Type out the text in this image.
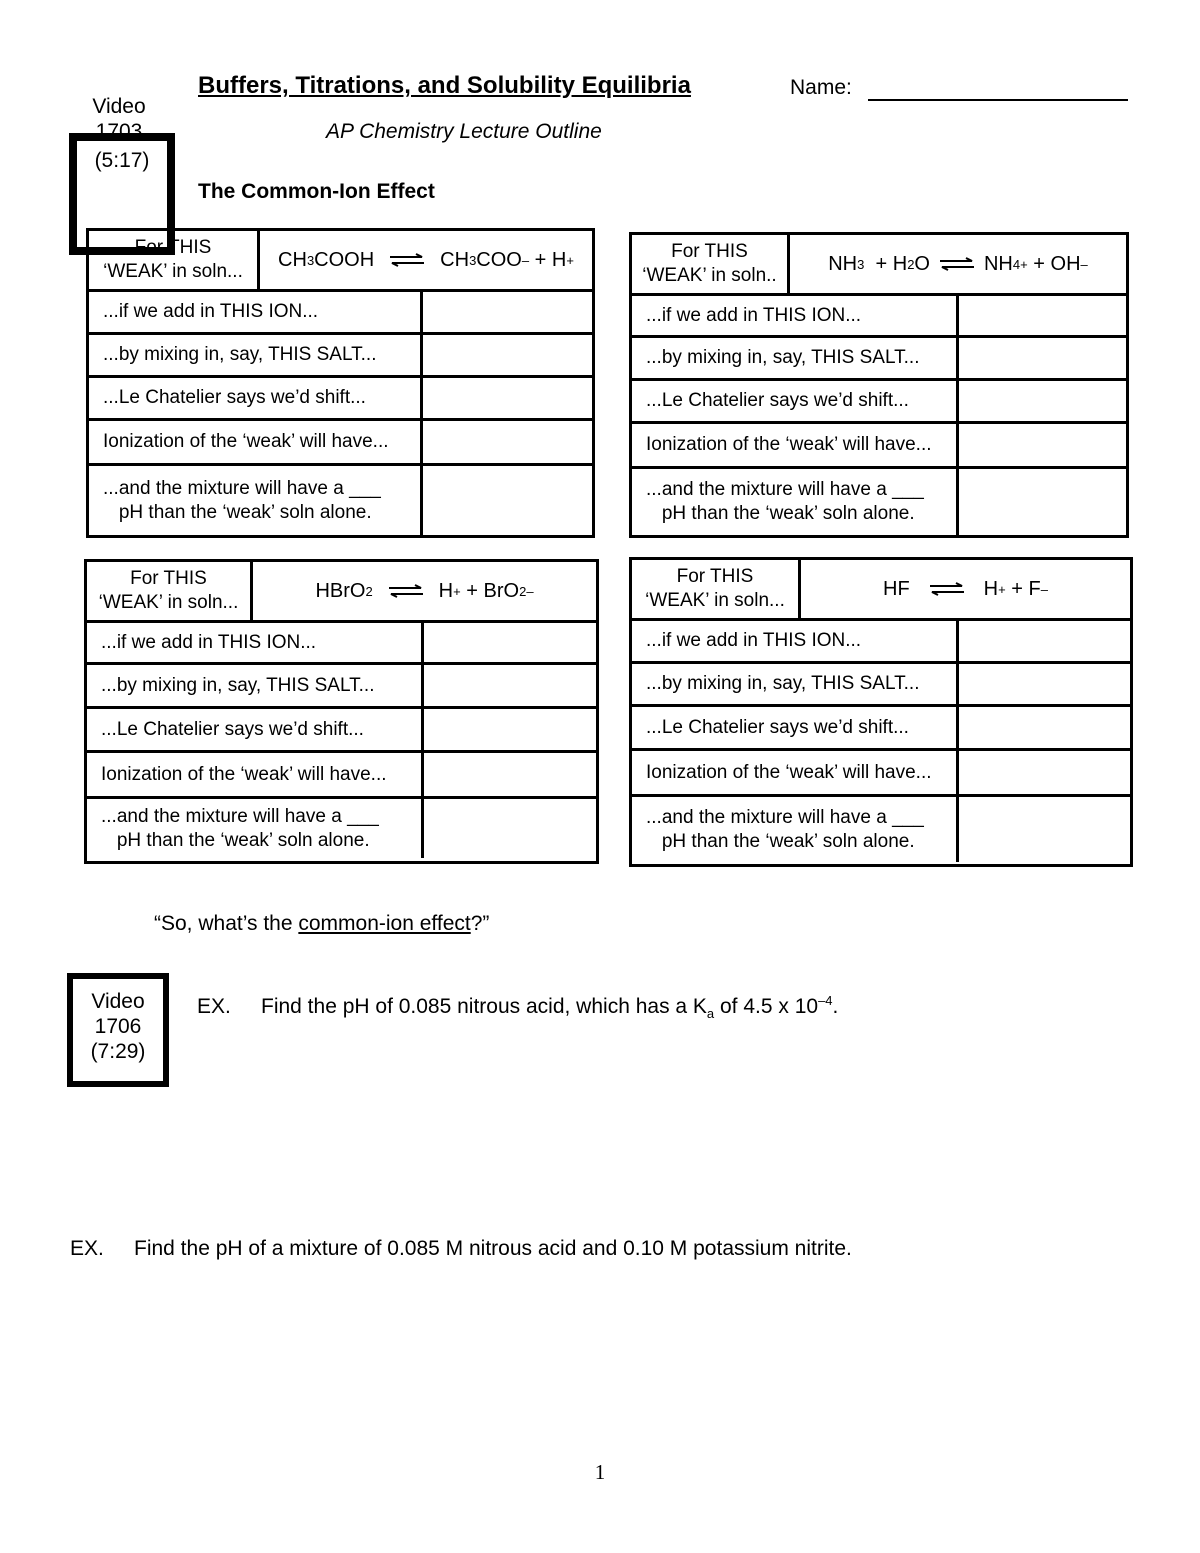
Buffers, Titrations, and Solubility Equilibria	Name:
AP Chemistry Lecture Outline
The Common-Ion Effect
Video
1703
For THIS
‘WEAK’ in soln...
CH 3 COOH ⇌ CH 3 COO –
+
H +
...if we add in THIS ION...
...by mixing in, say, THIS SALT...
...Le Chatelier says we’d shift...
Ionization of the ‘weak’ will have...
...and the mixture will have a ___
pH than the ‘weak’ soln alone.
(5:17)
For THIS
‘WEAK’ in soln..
NH 3
+
H 2 O ⇌ NH 4 +
+
OH –
...if we add in THIS ION...
...by mixing in, say, THIS SALT...
...Le Chatelier says we’d shift...
Ionization of the ‘weak’ will have...
...and the mixture will have a ___
pH than the ‘weak’ soln alone.
For THIS
‘WEAK’ in soln...
HBrO 2 ⇌ H +
+
BrO 2 –
...if we add in THIS ION...
...by mixing in, say, THIS SALT...
...Le Chatelier says we’d shift...
Ionization of the ‘weak’ will have...
...and the mixture will have a ___
pH than the ‘weak’ soln alone.
For THIS
‘WEAK’ in soln...
HF ⇌ H +
+
F –
...if we add in THIS ION...
...by mixing in, say, THIS SALT...
...Le Chatelier says we’d shift...
Ionization of the ‘weak’ will have...
...and the mixture will have a ___
pH than the ‘weak’ soln alone.
“So, what’s the common-ion effect?”
Video
1706
(7:29)
EX. Find the pH of 0.085 nitrous acid, which has a $K_a$ of 4.5 x $10^{-4}$.
EX. Find the pH of a mixture of 0.085 M nitrous acid and 0.10 M potassium nitrite.
1
